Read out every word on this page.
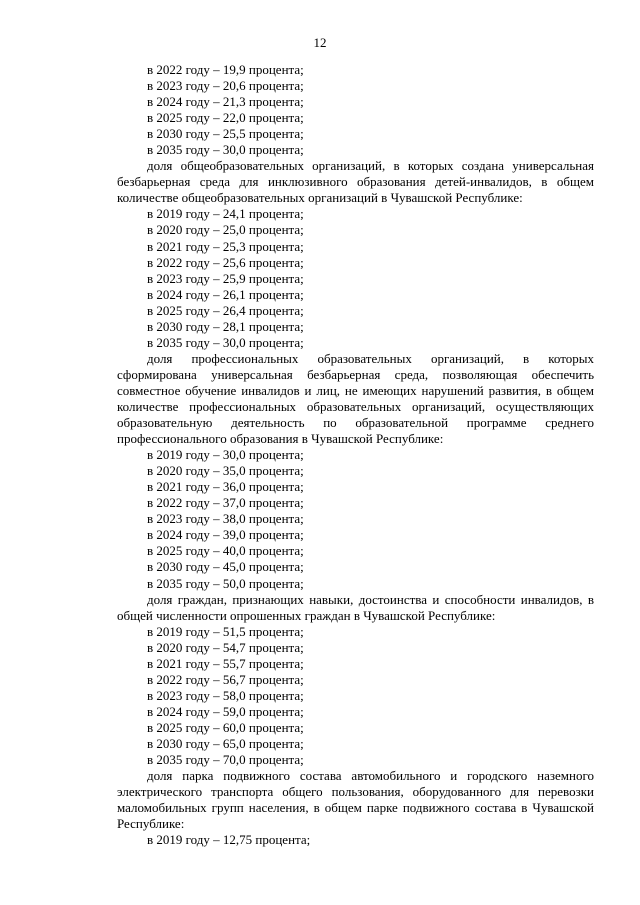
12
в 2022 году – 19,9 процента;
в 2023 году – 20,6 процента;
в 2024 году – 21,3 процента;
в 2025 году – 22,0 процента;
в 2030 году – 25,5 процента;
в 2035 году – 30,0 процента;

доля общеобразовательных организаций, в которых создана универсальная безбарьерная среда для инклюзивного образования детей-инвалидов, в общем количестве общеобразовательных организаций в Чувашской Республике:

в 2019 году – 24,1 процента;
в 2020 году – 25,0 процента;
в 2021 году – 25,3 процента;
в 2022 году – 25,6 процента;
в 2023 году – 25,9 процента;
в 2024 году – 26,1 процента;
в 2025 году – 26,4 процента;
в 2030 году – 28,1 процента;
в 2035 году – 30,0 процента;

доля профессиональных образовательных организаций, в которых сформирована универсальная безбарьерная среда, позволяющая обеспечить совместное обучение инвалидов и лиц, не имеющих нарушений развития, в общем количестве профессиональных образовательных организаций, осуществляющих образовательную деятельность по образовательной программе среднего профессионального образования в Чувашской Республике:

в 2019 году – 30,0 процента;
в 2020 году – 35,0 процента;
в 2021 году – 36,0 процента;
в 2022 году – 37,0 процента;
в 2023 году – 38,0 процента;
в 2024 году – 39,0 процента;
в 2025 году – 40,0 процента;
в 2030 году – 45,0 процента;
в 2035 году – 50,0 процента;

доля граждан, признающих навыки, достоинства и способности инвалидов, в общей численности опрошенных граждан в Чувашской Республике:

в 2019 году – 51,5 процента;
в 2020 году – 54,7 процента;
в 2021 году – 55,7 процента;
в 2022 году – 56,7 процента;
в 2023 году – 58,0 процента;
в 2024 году – 59,0 процента;
в 2025 году – 60,0 процента;
в 2030 году – 65,0 процента;
в 2035 году – 70,0 процента;

доля парка подвижного состава автомобильного и городского наземного электрического транспорта общего пользования, оборудованного для перевозки маломобильных групп населения, в общем парке подвижного состава в Чувашской Республике:

в 2019 году – 12,75 процента;
